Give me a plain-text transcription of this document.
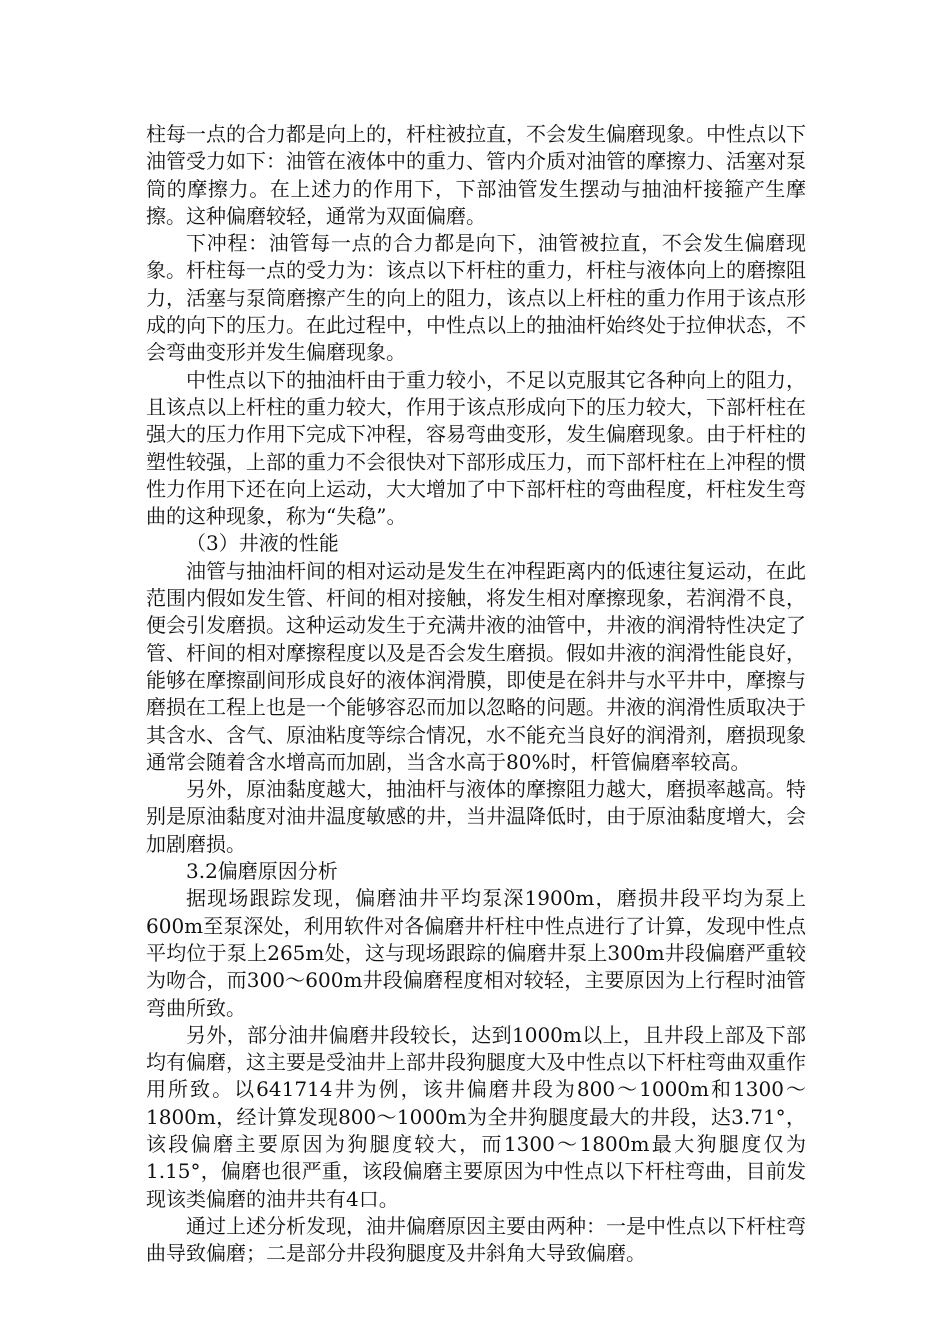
柱每一点的合力都是向上的，杆柱被拉直，不会发生偏磨现象。中性点以下油管受力如下：油管在液体中的重力、管内介质对油管的摩擦力、活塞对泵筒的摩擦力。在上述力的作用下，下部油管发生摆动与抽油杆接箍产生摩擦。这种偏磨较轻，通常为双面偏磨。

下冲程：油管每一点的合力都是向下，油管被拉直，不会发生偏磨现象。杆柱每一点的受力为：该点以下杆柱的重力，杆柱与液体向上的磨擦阻力，活塞与泵筒磨擦产生的向上的阻力，该点以上杆柱的重力作用于该点形成的向下的压力。在此过程中，中性点以上的抽油杆始终处于拉伸状态，不会弯曲变形并发生偏磨现象。

中性点以下的抽油杆由于重力较小，不足以克服其它各种向上的阻力，且该点以上杆柱的重力较大，作用于该点形成向下的压力较大，下部杆柱在强大的压力作用下完成下冲程，容易弯曲变形，发生偏磨现象。由于杆柱的塑性较强，上部的重力不会很快对下部形成压力，而下部杆柱在上冲程的惯性力作用下还在向上运动，大大增加了中下部杆柱的弯曲程度，杆柱发生弯曲的这种现象，称为“失稳”。

（3）井液的性能

油管与抽油杆间的相对运动是发生在冲程距离内的低速往复运动，在此范围内假如发生管、杆间的相对接触，将发生相对摩擦现象，若润滑不良，便会引发磨损。这种运动发生于充满井液的油管中，井液的润滑特性决定了管、杆间的相对摩擦程度以及是否会发生磨损。假如井液的润滑性能良好，能够在摩擦副间形成良好的液体润滑膜，即使是在斜井与水平井中，摩擦与磨损在工程上也是一个能够容忍而加以忽略的问题。井液的润滑性质取决于其含水、含气、原油粘度等综合情况，水不能充当良好的润滑剂，磨损现象通常会随着含水增高而加剧，当含水高于80%时，杆管偏磨率较高。

另外，原油黏度越大，抽油杆与液体的摩擦阻力越大，磨损率越高。特别是原油黏度对油井温度敏感的井，当井温降低时，由于原油黏度增大，会加剧磨损。

3.2偏磨原因分析

据现场跟踪发现，偏磨油井平均泵深1900m，磨损井段平均为泵上600m至泵深处，利用软件对各偏磨井杆柱中性点进行了计算，发现中性点平均位于泵上265m处，这与现场跟踪的偏磨井泵上300m井段偏磨严重较为吻合，而300～600m井段偏磨程度相对较轻，主要原因为上行程时油管弯曲所致。

另外，部分油井偏磨井段较长，达到1000m以上，且井段上部及下部均有偏磨，这主要是受油井上部井段狗腿度大及中性点以下杆柱弯曲双重作用所致。以641714井为例，该井偏磨井段为800～1000m和1300～1800m，经计算发现800～1000m为全井狗腿度最大的井段，达3.71°，该段偏磨主要原因为狗腿度较大，而1300～1800m最大狗腿度仅为1.15°，偏磨也很严重，该段偏磨主要原因为中性点以下杆柱弯曲，目前发现该类偏磨的油井共有4口。

通过上述分析发现，油井偏磨原因主要由两种：一是中性点以下杆柱弯曲导致偏磨；二是部分井段狗腿度及井斜角大导致偏磨。
